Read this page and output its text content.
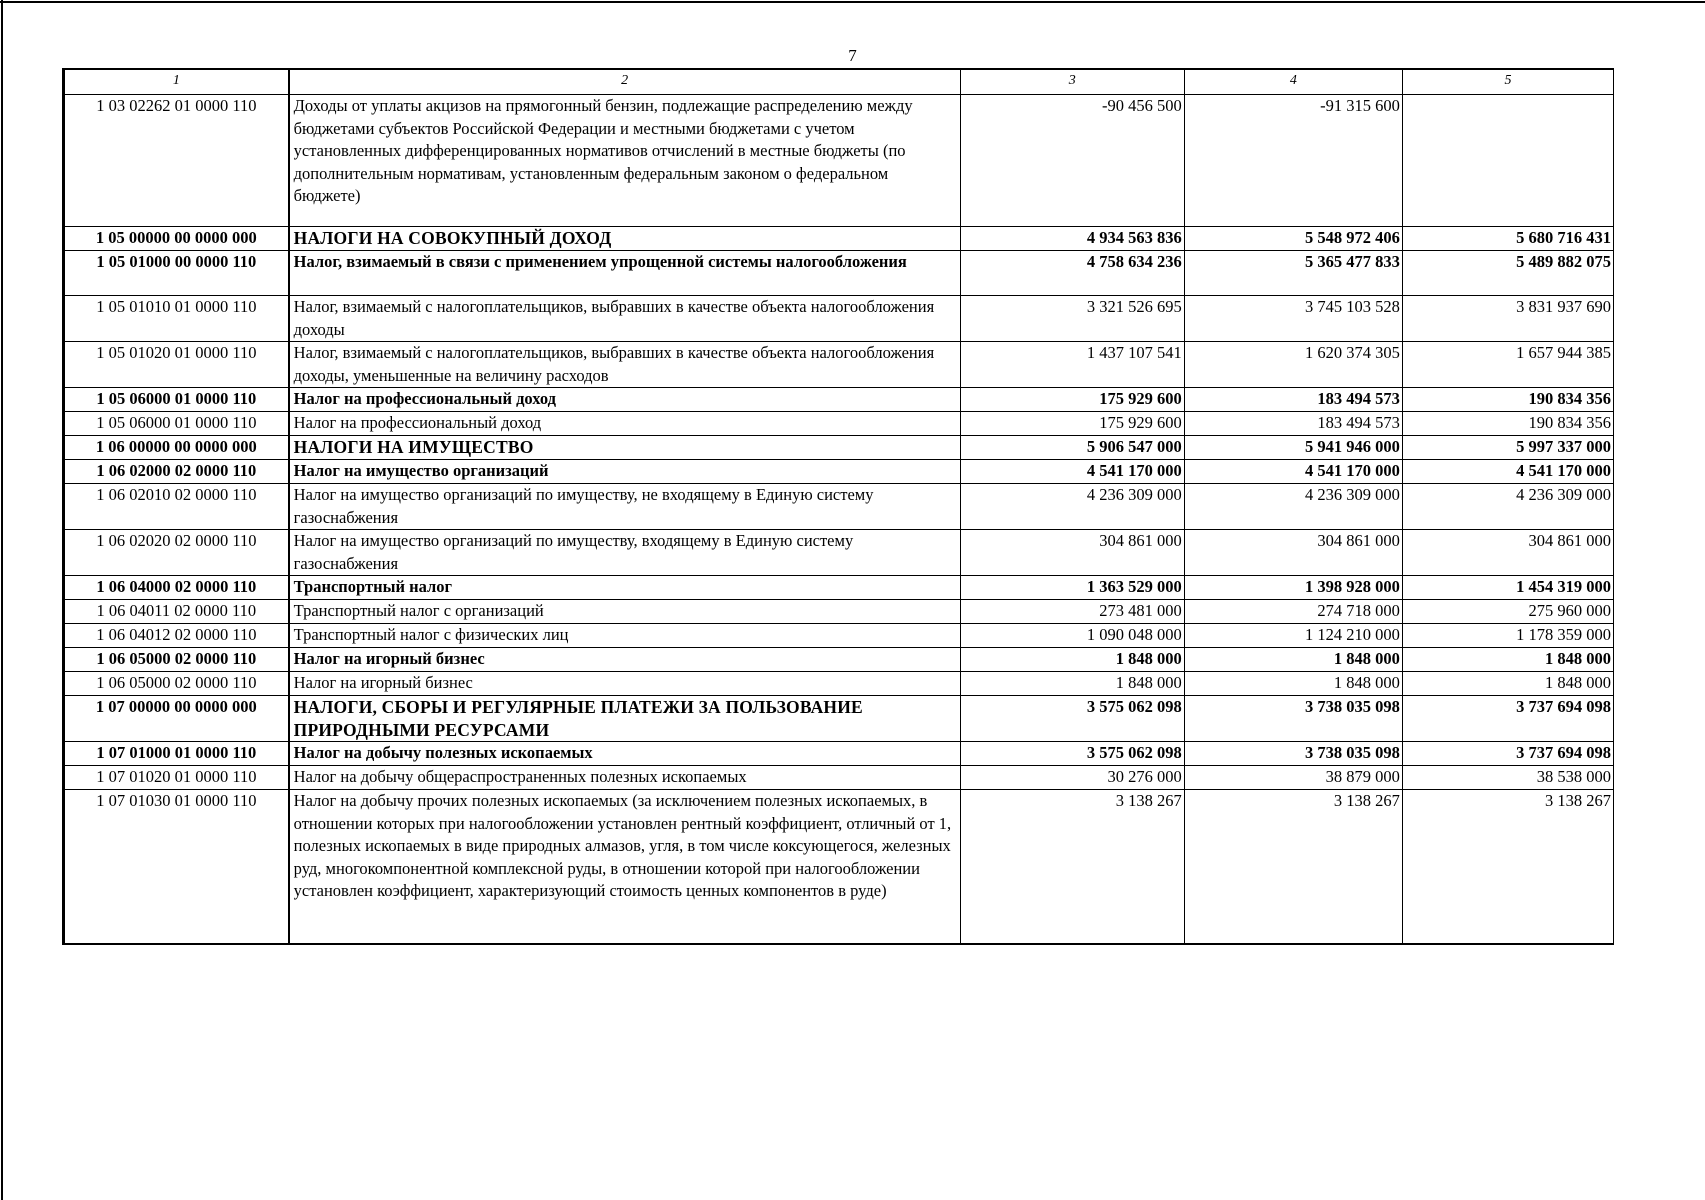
7
1	2	3	4	5
1 03 02262 01 0000 110	Доходы от уплаты акцизов на прямогонный бензин, подлежащие распределению между бюджетами субъектов Российской Федерации и местными бюджетами с учетом установленных дифференцированных нормативов отчислений в местные бюджеты (по дополнительным нормативам, установленным федеральным законом о федеральном бюджете)	-90 456 500	-91 315 600	
1 05 00000 00 0000 000	НАЛОГИ НА СОВОКУПНЫЙ ДОХОД	4 934 563 836	5 548 972 406	5 680 716 431
1 05 01000 00 0000 110	Налог, взимаемый в связи с применением упрощенной системы налогообложения	4 758 634 236	5 365 477 833	5 489 882 075
1 05 01010 01 0000 110	Налог, взимаемый с налогоплательщиков, выбравших в качестве объекта налогообложения доходы	3 321 526 695	3 745 103 528	3 831 937 690
1 05 01020 01 0000 110	Налог, взимаемый с налогоплательщиков, выбравших в качестве объекта налогообложения доходы, уменьшенные на величину расходов	1 437 107 541	1 620 374 305	1 657 944 385
1 05 06000 01 0000 110	Налог на профессиональный доход	175 929 600	183 494 573	190 834 356
1 05 06000 01 0000 110	Налог на профессиональный доход	175 929 600	183 494 573	190 834 356
1 06 00000 00 0000 000	НАЛОГИ НА ИМУЩЕСТВО	5 906 547 000	5 941 946 000	5 997 337 000
1 06 02000 02 0000 110	Налог на имущество организаций	4 541 170 000	4 541 170 000	4 541 170 000
1 06 02010 02 0000 110	Налог на имущество организаций по имуществу, не входящему в Единую систему газоснабжения	4 236 309 000	4 236 309 000	4 236 309 000
1 06 02020 02 0000 110	Налог на имущество организаций по имуществу, входящему в Единую систему газоснабжения	304 861 000	304 861 000	304 861 000
1 06 04000 02 0000 110	Транспортный налог	1 363 529 000	1 398 928 000	1 454 319 000
1 06 04011 02 0000 110	Транспортный налог с организаций	273 481 000	274 718 000	275 960 000
1 06 04012 02 0000 110	Транспортный налог с физических лиц	1 090 048 000	1 124 210 000	1 178 359 000
1 06 05000 02 0000 110	Налог на игорный бизнес	1 848 000	1 848 000	1 848 000
1 06 05000 02 0000 110	Налог на игорный бизнес	1 848 000	1 848 000	1 848 000
1 07 00000 00 0000 000	НАЛОГИ, СБОРЫ И РЕГУЛЯРНЫЕ ПЛАТЕЖИ ЗА ПОЛЬЗОВАНИЕ ПРИРОДНЫМИ РЕСУРСАМИ	3 575 062 098	3 738 035 098	3 737 694 098
1 07 01000 01 0000 110	Налог на добычу полезных ископаемых	3 575 062 098	3 738 035 098	3 737 694 098
1 07 01020 01 0000 110	Налог на добычу общераспространенных полезных ископаемых	30 276 000	38 879 000	38 538 000
1 07 01030 01 0000 110	Налог на добычу прочих полезных ископаемых (за исключением полезных ископаемых, в отношении которых при налогообложении установлен рентный коэффициент, отличный от 1, полезных ископаемых в виде природных алмазов, угля, в том числе коксующегося, железных руд, многокомпонентной комплексной руды, в отношении которой при налогообложении установлен коэффициент, характеризующий стоимость ценных компонентов в руде)	3 138 267	3 138 267	3 138 267
